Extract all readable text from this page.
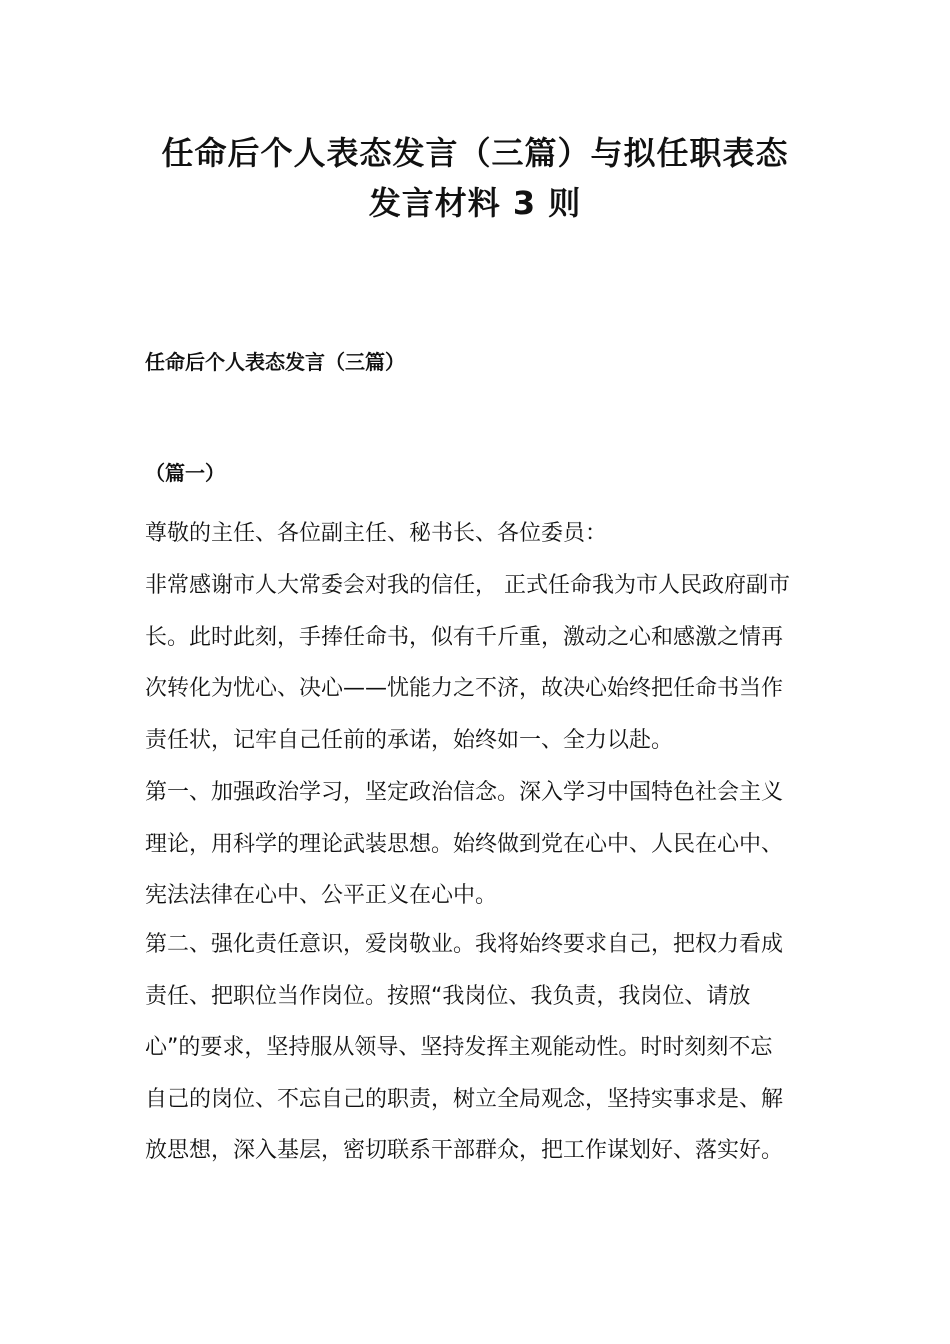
任命后个人表态发言（三篇）与拟任职表态
发言材料 3 则
任命后个人表态发言（三篇）
（篇一）

尊敬的主任、各位副主任、秘书长、各位委员：

非常感谢市人大常委会对我的信任， 正式任命我为市人民政府副市
长。此时此刻，手捧任命书，似有千斤重，激动之心和感激之情再
次转化为忧心、决心——忧能力之不济，故决心始终把任命书当作
责任状，记牢自己任前的承诺，始终如一、全力以赴。

第一、加强政治学习，坚定政治信念。深入学习中国特色社会主义
理论，用科学的理论武装思想。始终做到党在心中、人民在心中、
宪法法律在心中、公平正义在心中。

第二、强化责任意识，爱岗敬业。我将始终要求自己，把权力看成
责任、把职位当作岗位。按照“我岗位、我负责，我岗位、请放
心”的要求，坚持服从领导、坚持发挥主观能动性。时时刻刻不忘
自己的岗位、不忘自己的职责，树立全局观念，坚持实事求是、解
放思想，深入基层，密切联系干部群众，把工作谋划好、落实好。
